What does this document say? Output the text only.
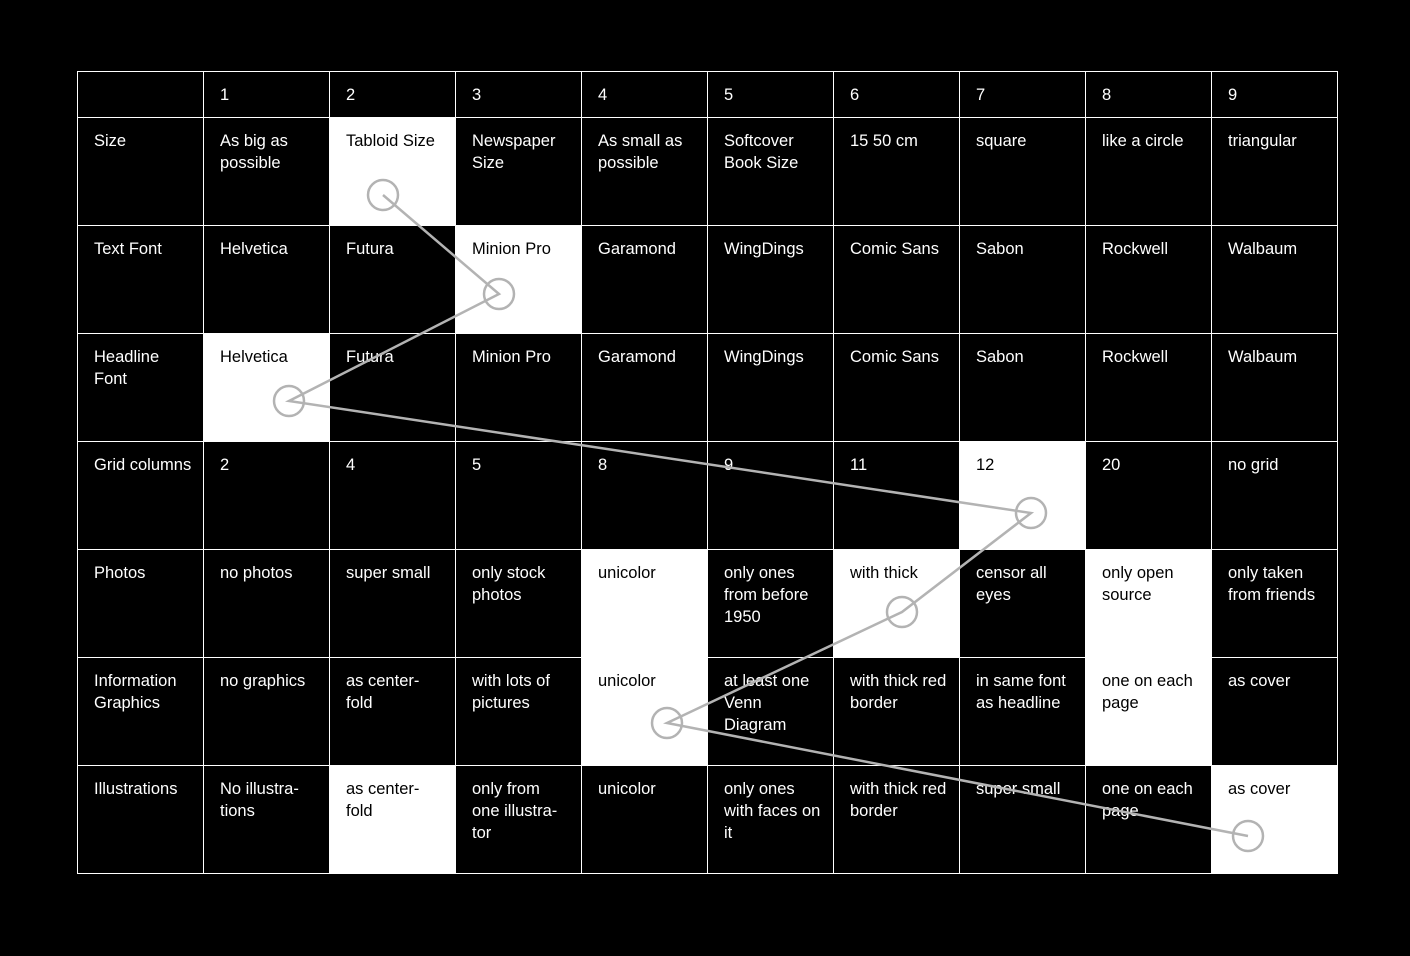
	1	2	3	4	5	6	7	8	9
Size	As big as possible	Tabloid Size	Newspaper Size	As small as possible	Softcover Book Size	15 50 cm	square	like a circle	triangular
Text Font	Helvetica	Futura	Minion Pro	Garamond	WingDings	Comic Sans	Sabon	Rockwell	Walbaum
Headline Font	Helvetica	Futura	Minion Pro	Garamond	WingDings	Comic Sans	Sabon	Rockwell	Walbaum
Grid columns	2	4	5	8	9	11	12	20	no grid
Photos	no photos	super small	only stock photos	unicolor	only ones from before 1950	with thick	censor all eyes	only open source	only taken from friends
Information Graphics	no graphics	as center-fold	with lots of pictures	unicolor	at least one Venn Diagram	with thick red border	in same font as headline	one on each page	as cover
Illustrations	No illustra-tions	as center-fold	only from one illustra-tor	unicolor	only ones with faces on it	with thick red border	super small	one on each page	as cover
